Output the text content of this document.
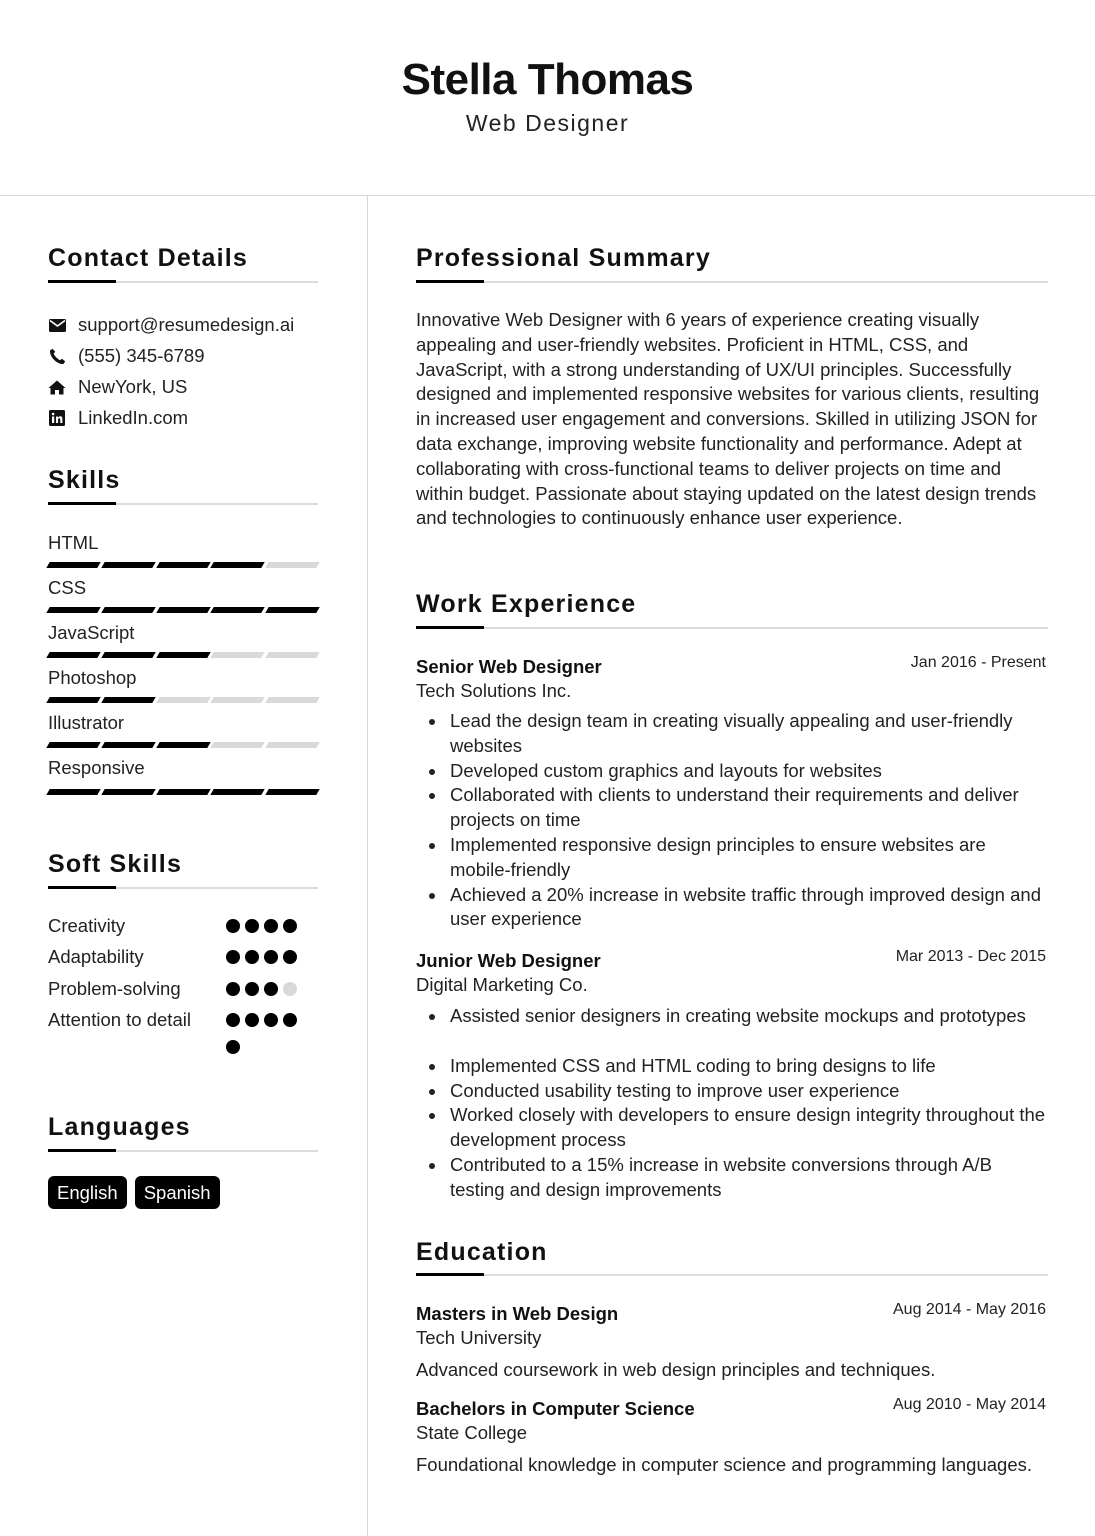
Stella Thomas
Web Designer
Contact Details
support@resumedesign.ai
(555) 345-6789
NewYork, US
LinkedIn.com
Skills
HTML
CSS
JavaScript
Photoshop
Illustrator
Responsive
Soft Skills
Creativity
Adaptability
Problem-solving
Attention to detail
Languages
English	Spanish
Professional Summary

Innovative Web Designer with 6 years of experience creating visually appealing and user-friendly websites. Proficient in HTML, CSS, and JavaScript, with a strong understanding of UX/UI principles. Successfully designed and implemented responsive websites for various clients, resulting in increased user engagement and conversions. Skilled in utilizing JSON for data exchange, improving website functionality and performance. Adept at collaborating with cross-functional teams to deliver projects on time and within budget. Passionate about staying updated on the latest design trends and technologies to continuously enhance user experience.

Work Experience
Senior Web Designer	Jan 2016 - Present
Tech Solutions Inc.
Lead the design team in creating visually appealing and user-friendly websites
Developed custom graphics and layouts for websites
Collaborated with clients to understand their requirements and deliver projects on time
Implemented responsive design principles to ensure websites are mobile-friendly
Achieved a 20% increase in website traffic through improved design and user experience
Junior Web Designer	Mar 2013 - Dec 2015
Digital Marketing Co.
Assisted senior designers in creating website mockups and prototypes
Implemented CSS and HTML coding to bring designs to life
Conducted usability testing to improve user experience
Worked closely with developers to ensure design integrity throughout the development process
Contributed to a 15% increase in website conversions through A/B testing and design improvements
Education
Masters in Web Design	Aug 2014 - May 2016
Tech University
Advanced coursework in web design principles and techniques.
Bachelors in Computer Science	Aug 2010 - May 2014
State College
Foundational knowledge in computer science and programming languages.
